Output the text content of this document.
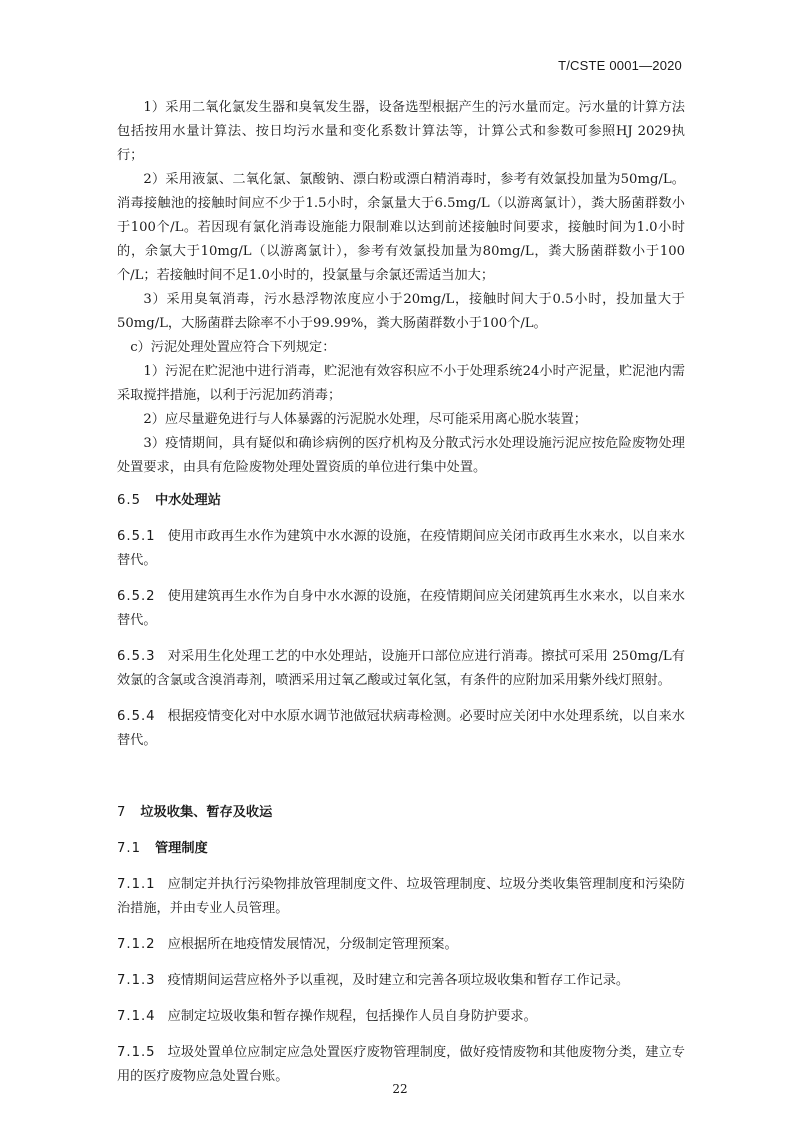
T/CSTE 0001—2020

1）采用二氧化氯发生器和臭氧发生器，设备选型根据产生的污水量而定。污水量的计算方法包括按用水量计算法、按日均污水量和变化系数计算法等，计算公式和参数可参照HJ 2029执行；

2）采用液氯、二氧化氯、氯酸钠、漂白粉或漂白精消毒时，参考有效氯投加量为50mg/L。消毒接触池的接触时间应不少于1.5小时，余氯量大于6.5mg/L（以游离氯计），粪大肠菌群数小于100个/L。若因现有氯化消毒设施能力限制难以达到前述接触时间要求，接触时间为1.0小时的，余氯大于10mg/L（以游离氯计），参考有效氯投加量为80mg/L，粪大肠菌群数小于100个/L；若接触时间不足1.0小时的，投氯量与余氯还需适当加大；

3）采用臭氧消毒，污水悬浮物浓度应小于20mg/L，接触时间大于0.5小时，投加量大于50mg/L，大肠菌群去除率不小于99.99%，粪大肠菌群数小于100个/L。

c）污泥处理处置应符合下列规定：

1）污泥在贮泥池中进行消毒，贮泥池有效容积应不小于处理系统24小时产泥量，贮泥池内需采取搅拌措施，以利于污泥加药消毒；

2）应尽量避免进行与人体暴露的污泥脱水处理，尽可能采用离心脱水装置；

3）疫情期间，具有疑似和确诊病例的医疗机构及分散式污水处理设施污泥应按危险废物处理处置要求，由具有危险废物处理处置资质的单位进行集中处置。

6.5 中水处理站

6.5.1 使用市政再生水作为建筑中水水源的设施，在疫情期间应关闭市政再生水来水，以自来水替代。

6.5.2 使用建筑再生水作为自身中水水源的设施，在疫情期间应关闭建筑再生水来水，以自来水替代。

6.5.3 对采用生化处理工艺的中水处理站，设施开口部位应进行消毒。擦拭可采用 250mg/L有效氯的含氯或含溴消毒剂，喷洒采用过氧乙酸或过氧化氢，有条件的应附加采用紫外线灯照射。

6.5.4 根据疫情变化对中水原水调节池做冠状病毒检测。必要时应关闭中水处理系统，以自来水替代。

7 垃圾收集、暂存及收运

7.1 管理制度

7.1.1 应制定并执行污染物排放管理制度文件、垃圾管理制度、垃圾分类收集管理制度和污染防治措施，并由专业人员管理。

7.1.2 应根据所在地疫情发展情况，分级制定管理预案。

7.1.3 疫情期间运营应格外予以重视，及时建立和完善各项垃圾收集和暂存工作记录。

7.1.4 应制定垃圾收集和暂存操作规程，包括操作人员自身防护要求。

7.1.5 垃圾处置单位应制定应急处置医疗废物管理制度，做好疫情废物和其他废物分类，建立专用的医疗废物应急处置台账。

22
